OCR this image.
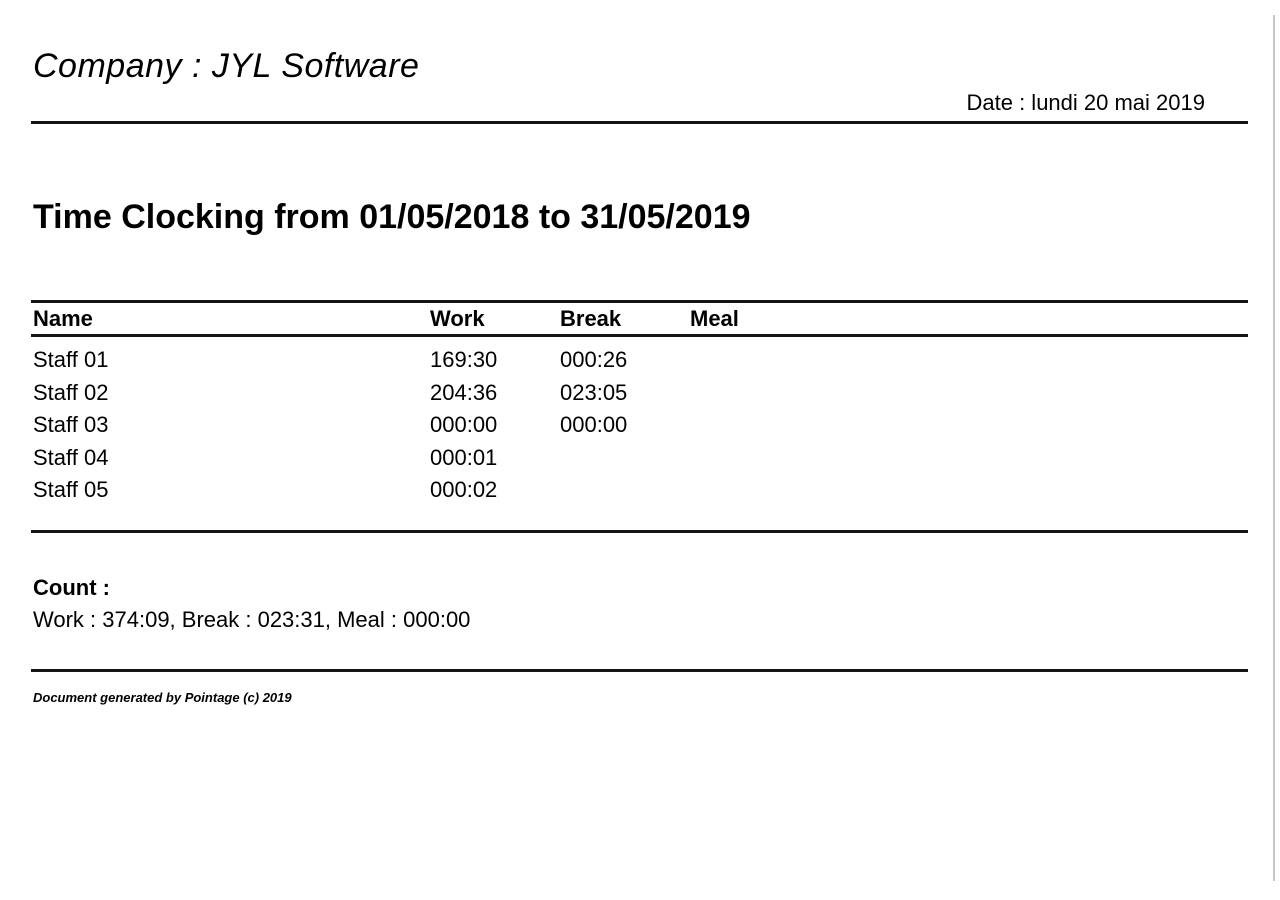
Company : JYL Software
Date : lundi 20 mai 2019
Time Clocking from 01/05/2018 to 31/05/2019
Name	Work	Break	Meal
Staff 01	169:30	000:26
Staff 02	204:36	023:05
Staff 03	000:00	000:00
Staff 04	000:01
Staff 05	000:02
Count :
Work : 374:09, Break : 023:31, Meal : 000:00
Document generated by Pointage (c) 2019
